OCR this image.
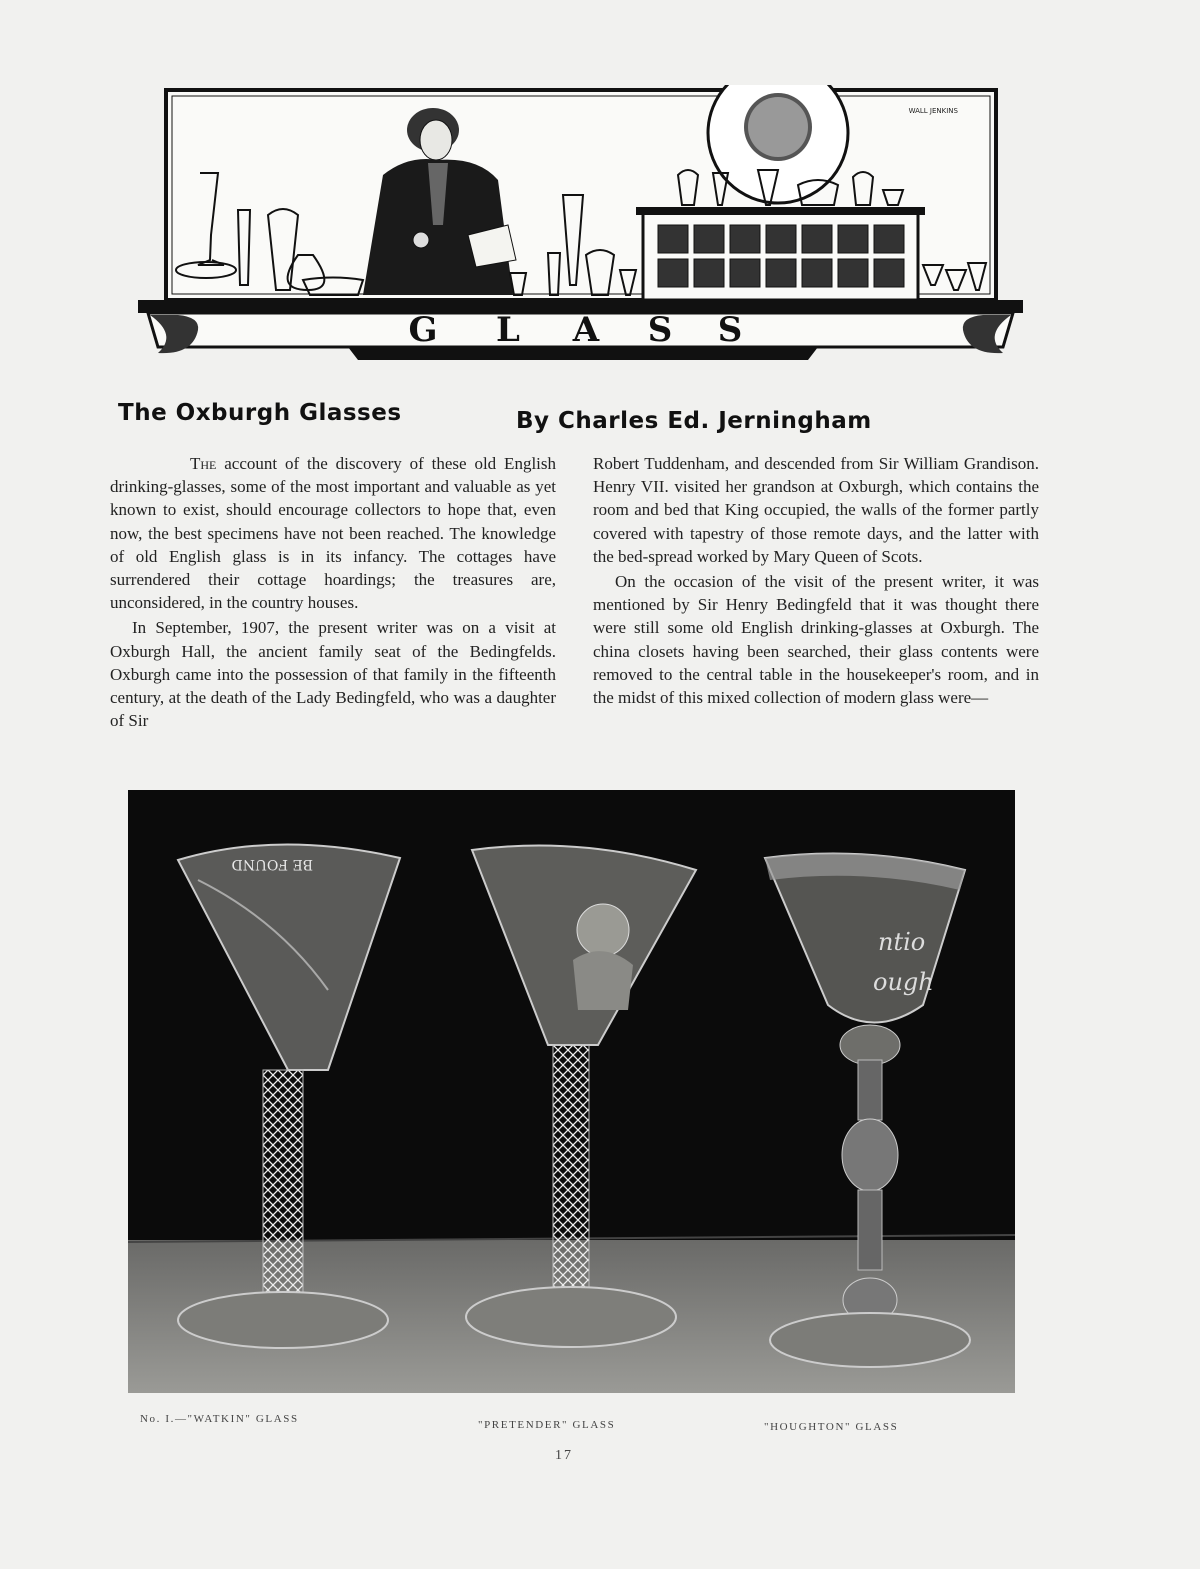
WALL JENKINS
G L A S S
The Oxburgh Glasses	By Charles Ed. Jerningham

The account of the discovery of these old English drinking-glasses, some of the most important and valuable as yet known to exist, should encourage collectors to hope that, even now, the best specimens have not been reached. The knowledge of old English glass is in its infancy. The cottages have surrendered their cottage hoardings; the treasures are, unconsidered, in the country houses.

In September, 1907, the present writer was on a visit at Oxburgh Hall, the ancient family seat of the Bedingfelds. Oxburgh came into the possession of that family in the fifteenth century, at the death of the Lady Bedingfeld, who was a daughter of Sir

Robert Tuddenham, and descended from Sir William Grandison. Henry VII. visited her grandson at Oxburgh, which contains the room and bed that King occupied, the walls of the former partly covered with tapestry of those remote days, and the latter with the bed-spread worked by Mary Queen of Scots.

On the occasion of the visit of the present writer, it was mentioned by Sir Henry Bedingfeld that it was thought there were still some old English drinking-glasses at Oxburgh. The china closets having been searched, their glass contents were removed to the central table in the housekeeper's room, and in the midst of this mixed collection of modern glass were—

BE FOUND
ntio
ough
No. I.—"WATKIN" GLASS	"PRETENDER" GLASS	"HOUGHTON" GLASS
17
